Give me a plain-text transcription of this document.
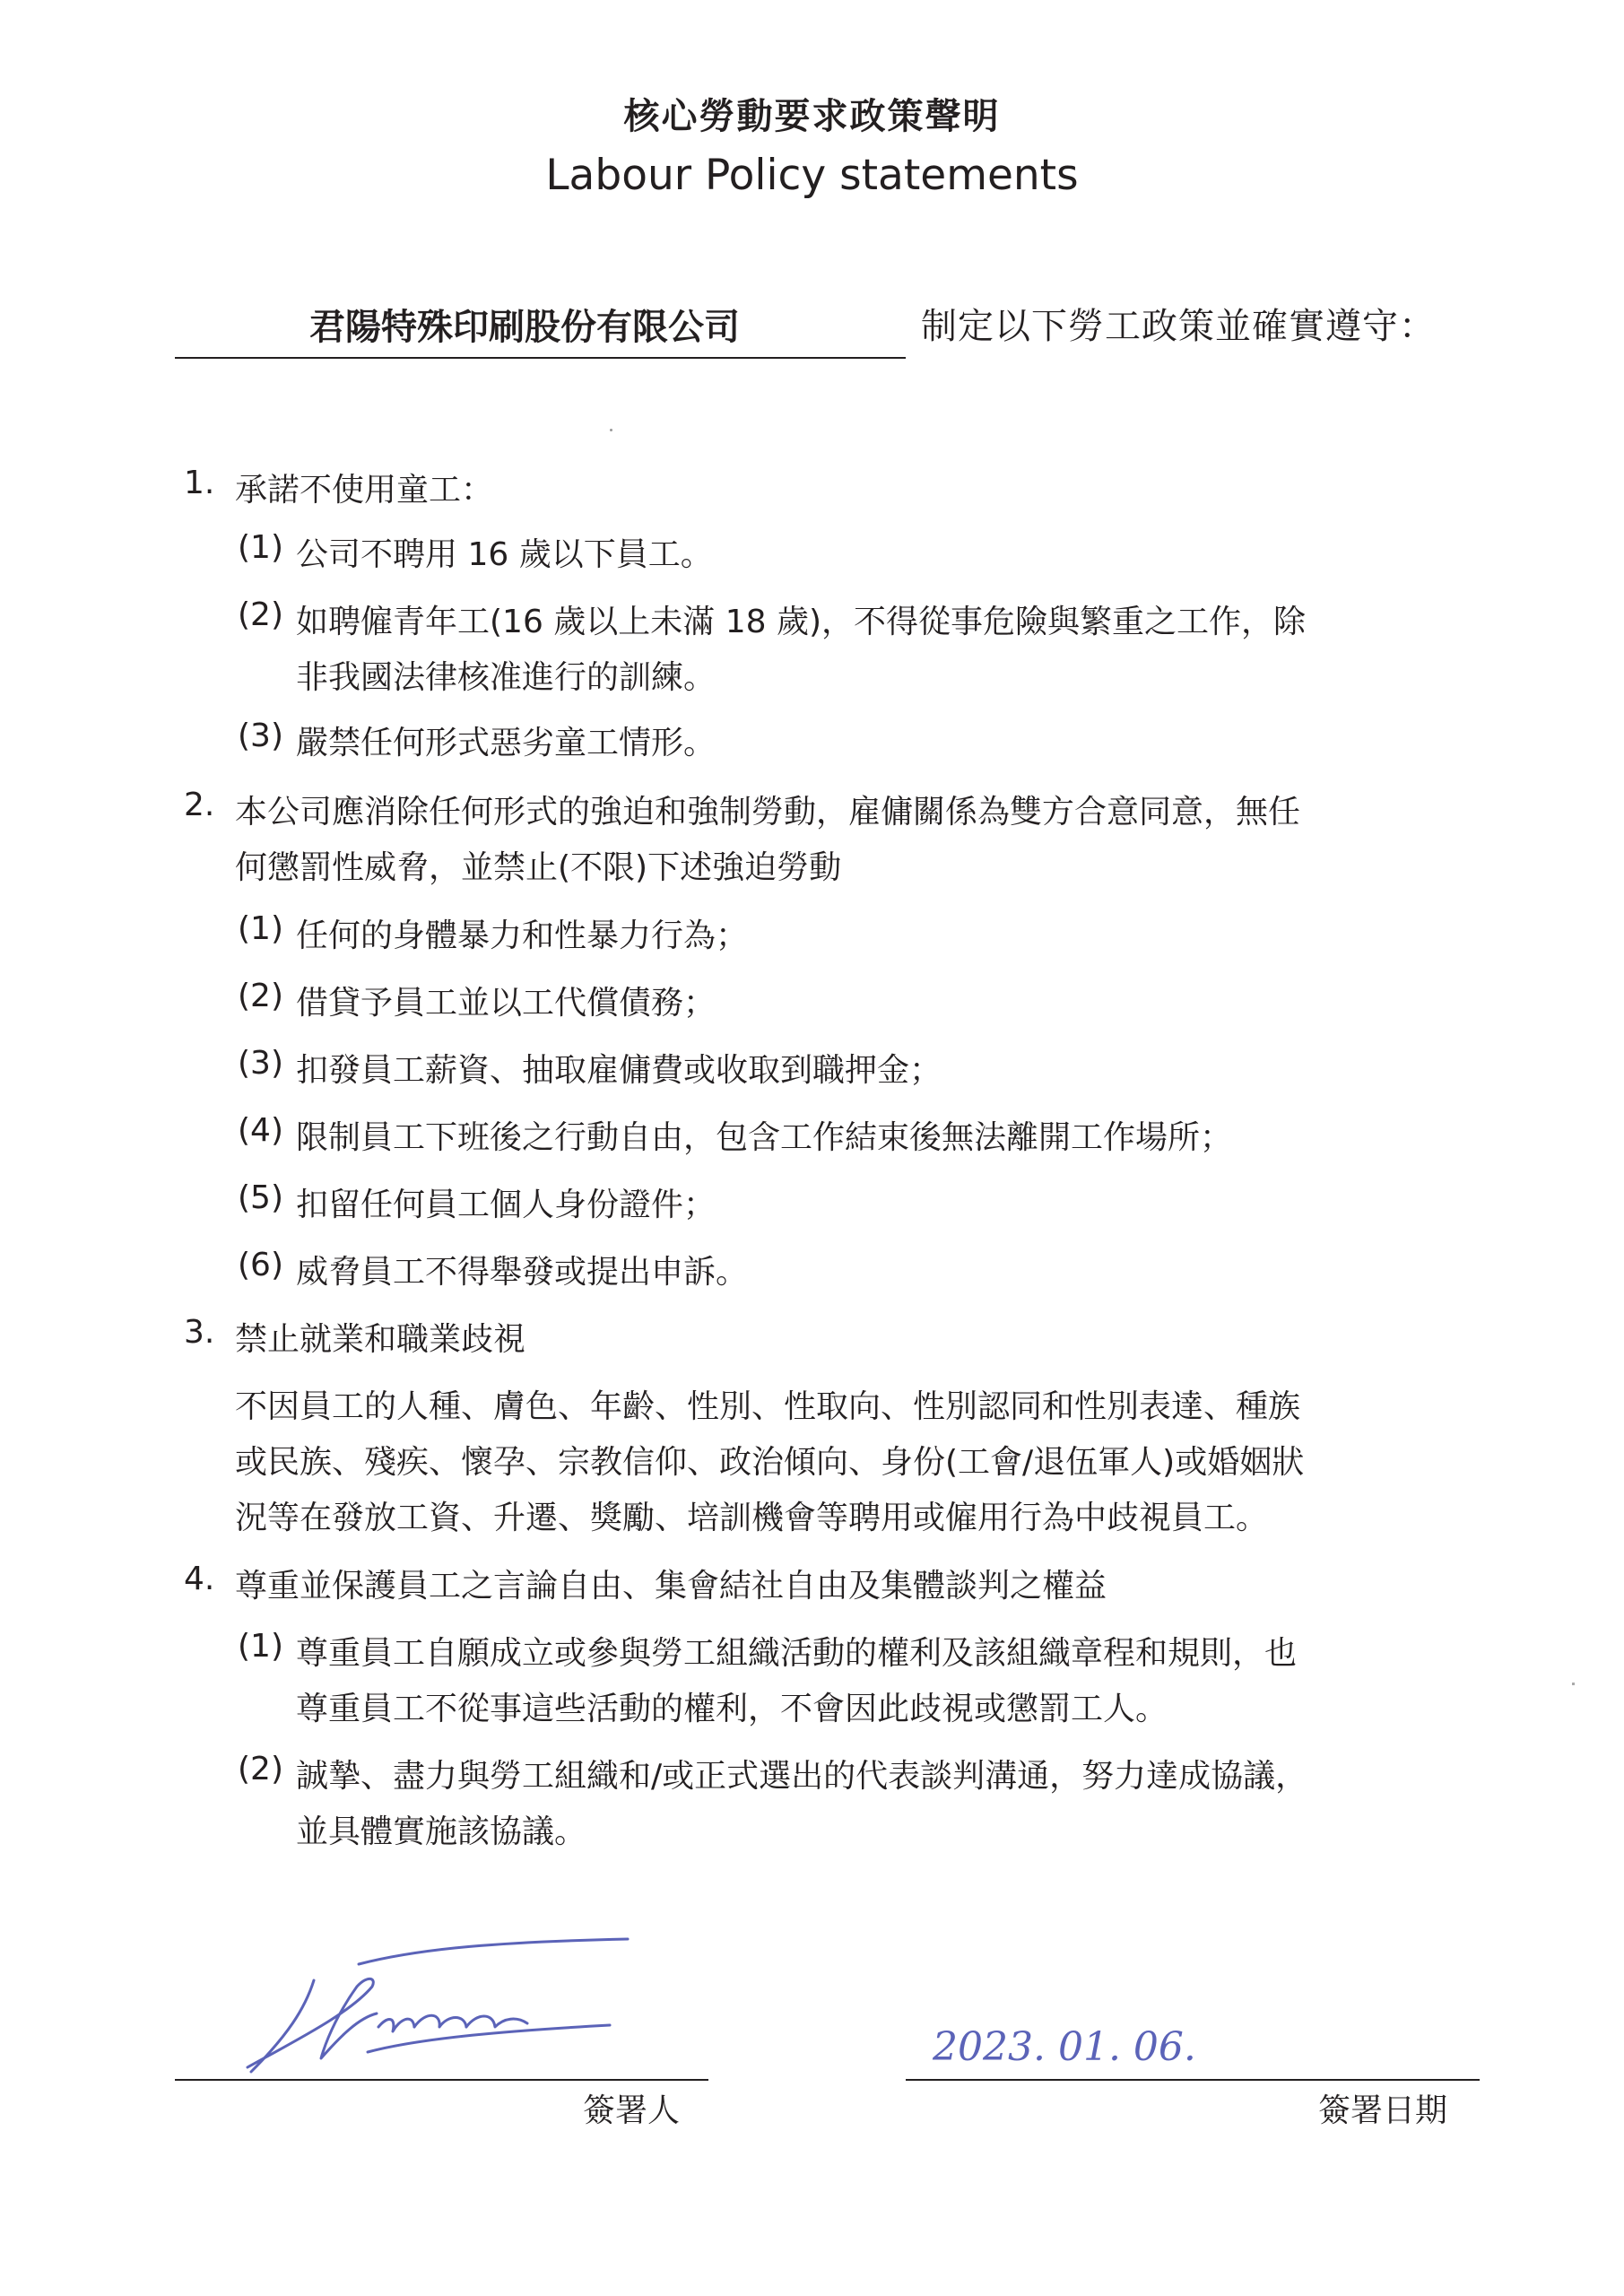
核心勞動要求政策聲明
Labour Policy statements
君陽特殊印刷股份有限公司	制定以下勞工政策並確實遵守：
1. 承諾不使用童工：
(1) 公司不聘用 16 歲以下員工。
(2) 如聘僱青年工(16 歲以上未滿 18 歲)，不得從事危險與繁重之工作，除
非我國法律核准進行的訓練。
(3) 嚴禁任何形式惡劣童工情形。
2. 本公司應消除任何形式的強迫和強制勞動，雇傭關係為雙方合意同意，無任
何懲罰性威脅，並禁止(不限)下述強迫勞動
(1) 任何的身體暴力和性暴力行為；
(2) 借貸予員工並以工代償債務；
(3) 扣發員工薪資、抽取雇傭費或收取到職押金；
(4) 限制員工下班後之行動自由，包含工作結束後無法離開工作場所；
(5) 扣留任何員工個人身份證件；
(6) 威脅員工不得舉發或提出申訴。
3. 禁止就業和職業歧視
不因員工的人種、膚色、年齡、性別、性取向、性別認同和性別表達、種族
或民族、殘疾、懷孕、宗教信仰、政治傾向、身份(工會/退伍軍人)或婚姻狀
況等在發放工資、升遷、獎勵、培訓機會等聘用或僱用行為中歧視員工。
4. 尊重並保護員工之言論自由、集會結社自由及集體談判之權益
(1) 尊重員工自願成立或參與勞工組織活動的權利及該組織章程和規則，也
尊重員工不從事這些活動的權利，不會因此歧視或懲罰工人。
(2) 誠摯、盡力與勞工組織和/或正式選出的代表談判溝通，努力達成協議，
並具體實施該協議。
簽署人
2023. 01. 06.
簽署日期
